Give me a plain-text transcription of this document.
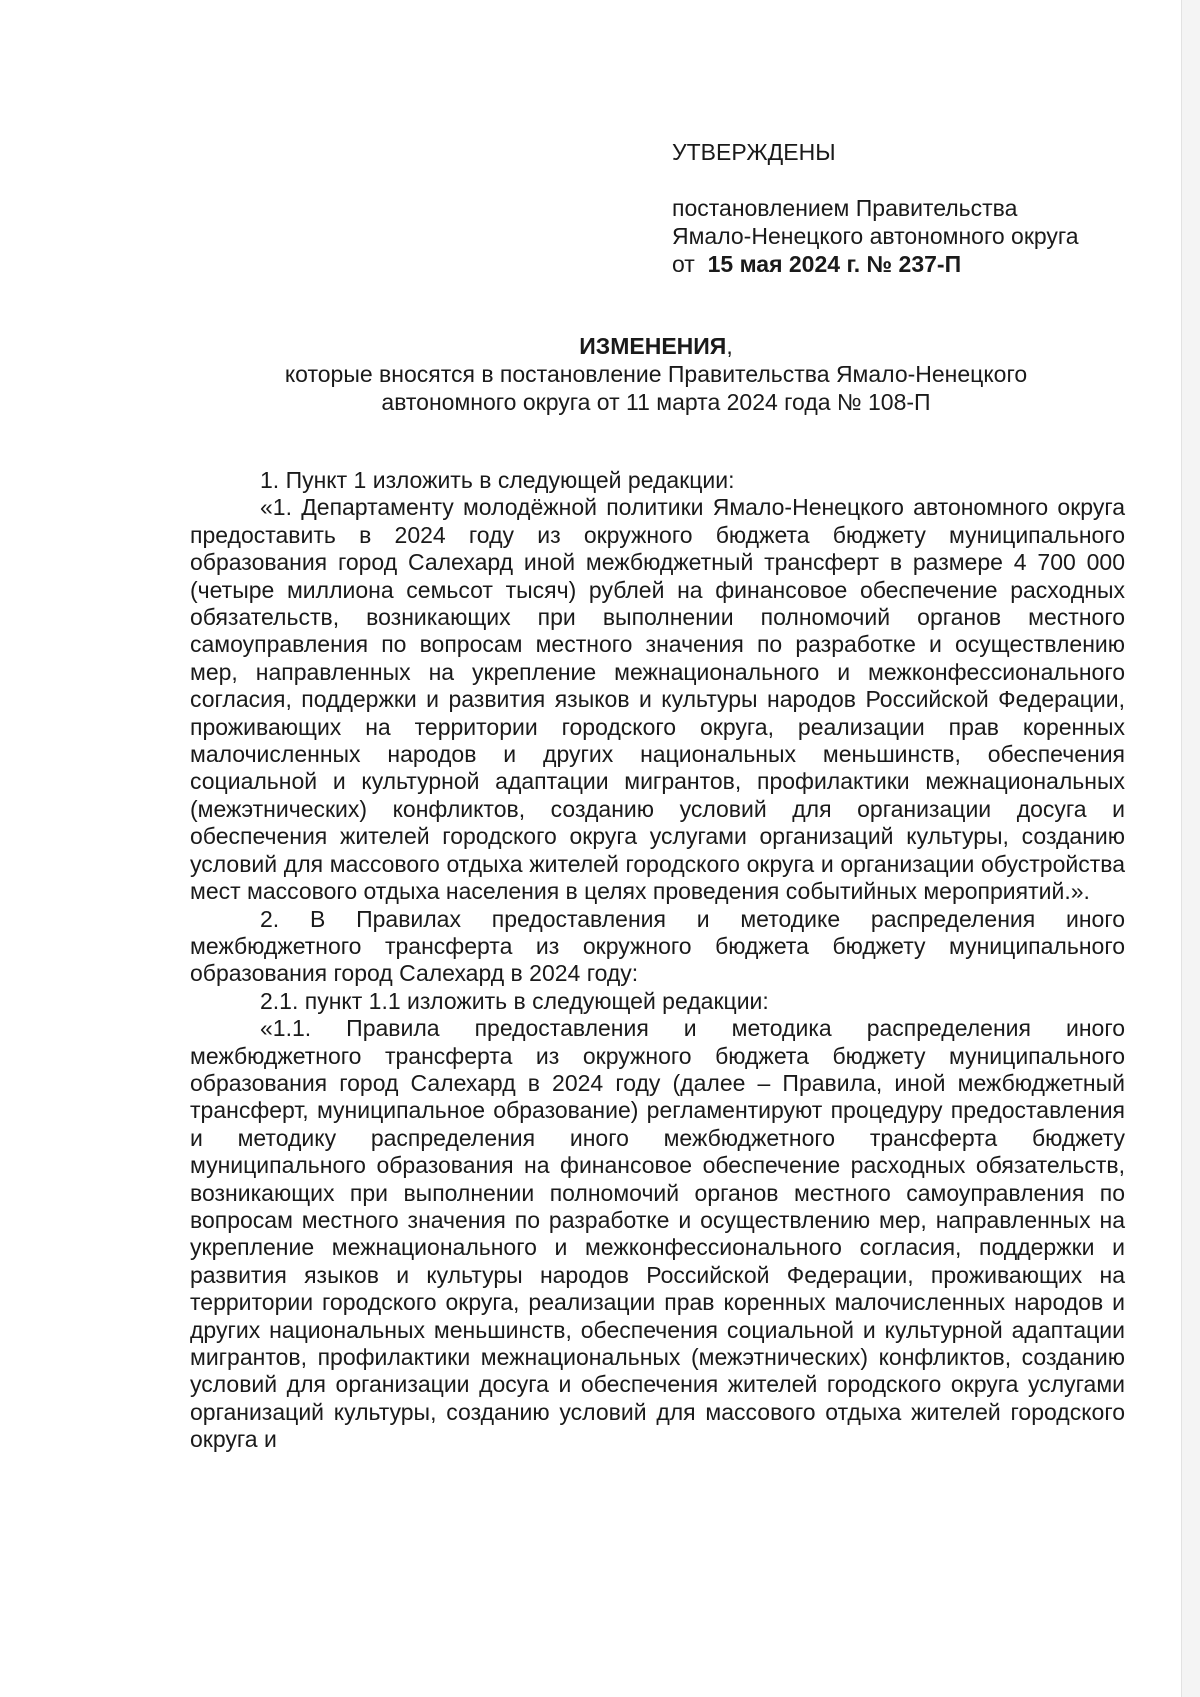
УТВЕРЖДЕНЫ
постановлением Правительства
Ямало-Ненецкого автономного округа
от 15 мая 2024 г. № 237-П
ИЗМЕНЕНИЯ,
которые вносятся в постановление Правительства Ямало-Ненецкого
автономного округа от 11 марта 2024 года № 108-П

1. Пункт 1 изложить в следующей редакции:

«1. Департаменту молодёжной политики Ямало-Ненецкого автономного округа предоставить в 2024 году из окружного бюджета бюджету муниципального образования город Салехард иной межбюджетный трансферт в размере 4 700 000 (четыре миллиона семьсот тысяч) рублей на финансовое обеспечение расходных обязательств, возникающих при выполнении полномочий органов местного самоуправления по вопросам местного значения по разработке и осуществлению мер, направленных на укрепление межнационального и межконфессионального согласия, поддержки и развития языков и культуры народов Российской Федерации, проживающих на территории городского округа, реализации прав коренных малочисленных народов и других национальных меньшинств, обеспечения социальной и культурной адаптации мигрантов, профилактики межнациональных (межэтнических) конфликтов, созданию условий для организации досуга и обеспечения жителей городского округа услугами организаций культуры, созданию условий для массового отдыха жителей городского округа и организации обустройства мест массового отдыха населения в целях проведения событийных мероприятий.».

2. В Правилах предоставления и методике распределения иного межбюджетного трансферта из окружного бюджета бюджету муниципального образования город Салехард в 2024 году:

2.1. пункт 1.1 изложить в следующей редакции:

«1.1. Правила предоставления и методика распределения иного межбюджетного трансферта из окружного бюджета бюджету муниципального образования город Салехард в 2024 году (далее – Правила, иной межбюджетный трансферт, муниципальное образование) регламентируют процедуру предоставления и методику распределения иного межбюджетного трансферта бюджету муниципального образования на финансовое обеспечение расходных обязательств, возникающих при выполнении полномочий органов местного самоуправления по вопросам местного значения по разработке и осуществлению мер, направленных на укрепление межнационального и межконфессионального согласия, поддержки и развития языков и культуры народов Российской Федерации, проживающих на территории городского округа, реализации прав коренных малочисленных народов и других национальных меньшинств, обеспечения социальной и культурной адаптации мигрантов, профилактики межнациональных (межэтнических) конфликтов, созданию условий для организации досуга и обеспечения жителей городского округа услугами организаций культуры, созданию условий для массового отдыха жителей городского округа и
